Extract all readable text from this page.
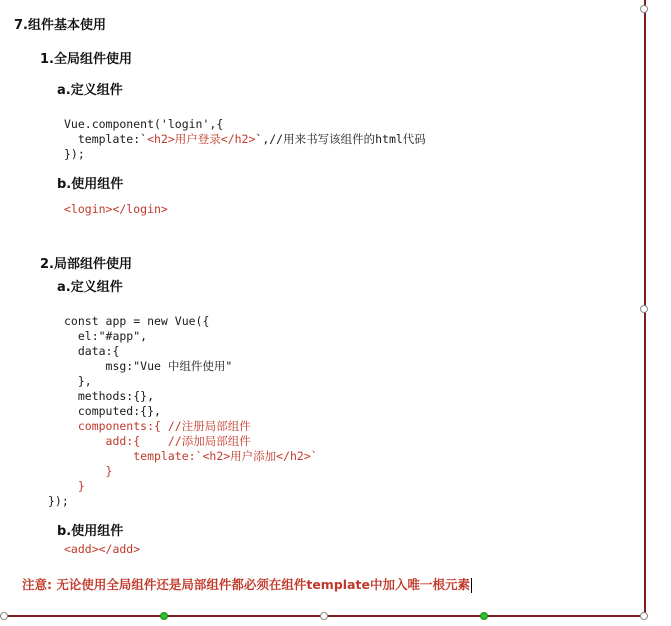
7.组件基本使用
1.全局组件使用
a.定义组件
Vue.component('login',{
template:`<h2>用户登录</h2>`,//用来书写该组件的html代码
});
b.使用组件
<login></login>
2.局部组件使用
a.定义组件
const app = new Vue({
el:"#app",
data:{
msg:"Vue 中组件使用"
},
methods:{},
computed:{},
components:{ //注册局部组件
add:{    //添加局部组件
template:`<h2>用户添加</h2>`
}
}
});
b.使用组件
<add></add>
注意: 无论使用全局组件还是局部组件都必须在组件template中加入唯一根元素
